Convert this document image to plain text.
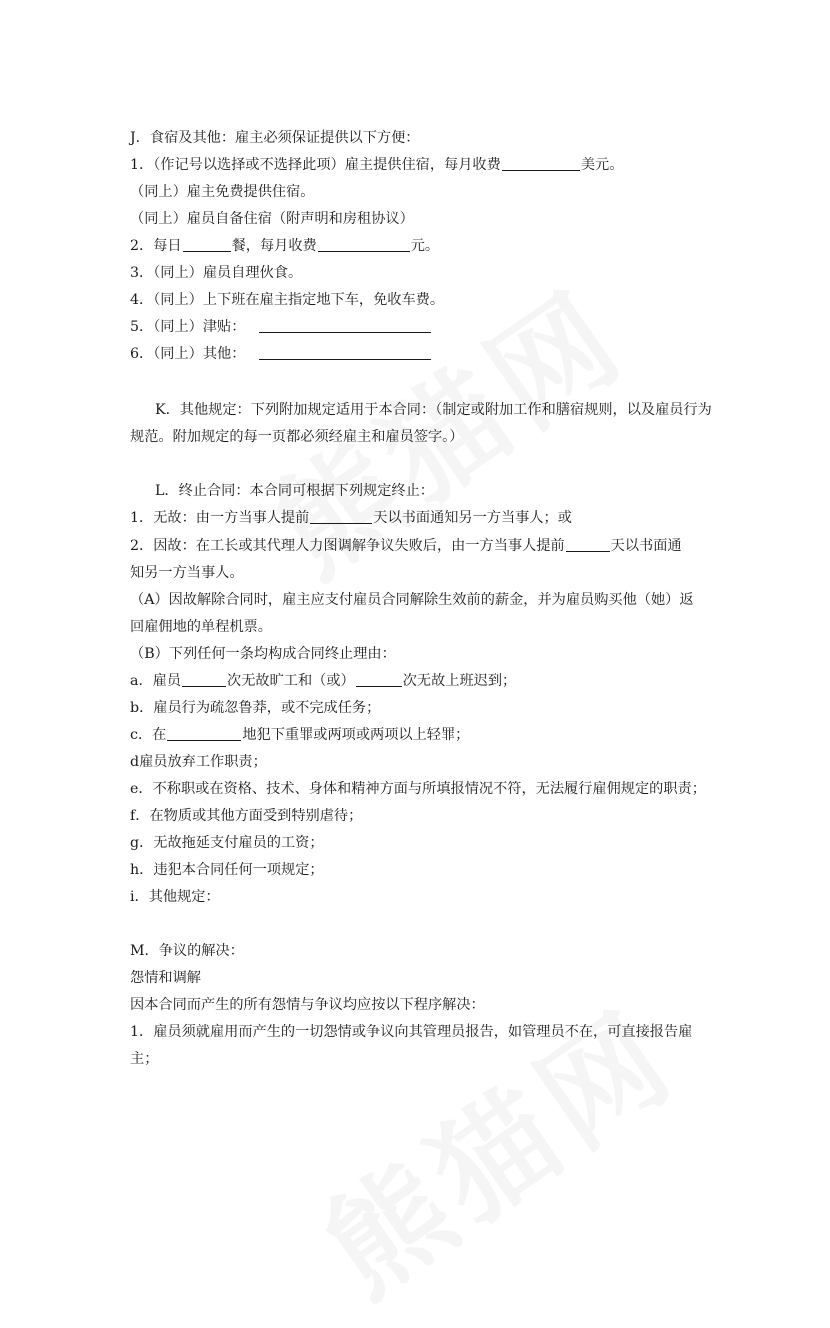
J．食宿及其他：雇主必须保证提供以下方便：
1．（作记号以选择或不选择此项）雇主提供住宿，每月收费	美元。
（同上）雇主免费提供住宿。
（同上）雇员自备住宿（附声明和房租协议）
2．每日	餐，每月收费	元。
3．（同上）雇员自理伙食。
4．（同上）上下班在雇主指定地下车，免收车费。
5．（同上）津贴：
6．（同上）其他：
K．其他规定：下列附加规定适用于本合同：（制定或附加工作和膳宿规则，以及雇员行为
规范。附加规定的每一页都必须经雇主和雇员签字。）
L．终止合同：本合同可根据下列规定终止：
1．无故：由一方当事人提前	天以书面通知另一方当事人；或
2．因故：在工长或其代理人力图调解争议失败后，由一方当事人提前	天以书面通
知另一方当事人。
（A）因故解除合同时，雇主应支付雇员合同解除生效前的薪金，并为雇员购买他（她）返
回雇佣地的单程机票。
（B）下列任何一条均构成合同终止理由：
a．雇员	次无故旷工和（或）	次无故上班迟到；
b．雇员行为疏忽鲁莽，或不完成任务；
c．在	地犯下重罪或两项或两项以上轻罪；
d雇员放弃工作职责；
e．不称职或在资格、技术、身体和精神方面与所填报情况不符，无法履行雇佣规定的职责；
f．在物质或其他方面受到特别虐待；
g．无故拖延支付雇员的工资；
h．违犯本合同任何一项规定；
i．其他规定：
M．争议的解决：
怨情和调解
因本合同而产生的所有怨情与争议均应按以下程序解决：
1．雇员须就雇用而产生的一切怨情或争议向其管理员报告，如管理员不在，可直接报告雇
主；
